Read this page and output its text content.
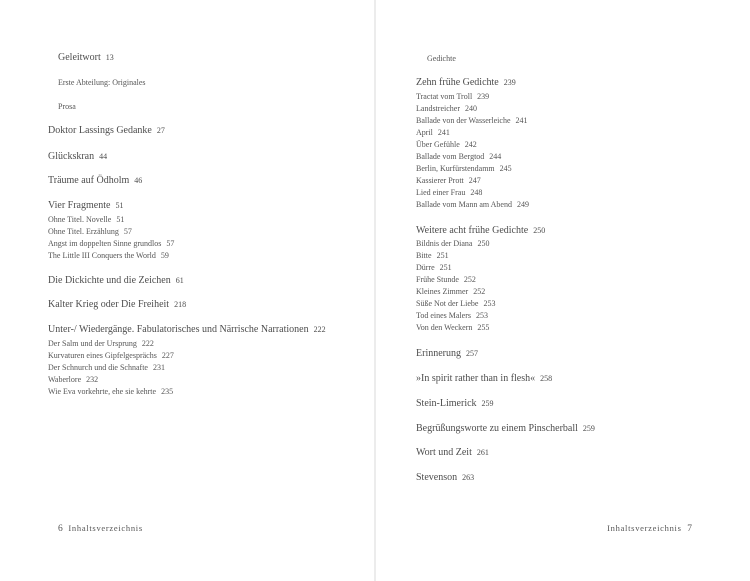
Geleitwort 13

Erste Abteilung: Originales

Prosa

Doktor Lassings Gedanke 27

Glückskran 44

Träume auf Ödholm 46

Vier Fragmente 51

Ohne Titel. Novelle 51

Ohne Titel. Erzählung 57

Angst im doppelten Sinne grundlos 57

The Little III Conquers the World 59

Die Dickichte und die Zeichen 61

Kalter Krieg oder Die Freiheit 218

Unter-/ Wiedergänge. Fabulatorisches und Närrische Narrationen 222

Der Salm und der Ursprung 222

Kurvaturen eines Gipfelgesprächs 227

Der Schnurch und die Schnafte 231

Waberlore 232

Wie Eva vorkehrte, ehe sie kehrte 235

6 Inhaltsverzeichnis

Gedichte

Zehn frühe Gedichte 239

Tractat vom Troll 239

Landstreicher 240

Ballade von der Wasserleiche 241

April 241

Über Gefühle 242

Ballade vom Bergtod 244

Berlin, Kurfürstendamm 245

Kassierer Prott 247

Lied einer Frau 248

Ballade vom Mann am Abend 249

Weitere acht frühe Gedichte 250

Bildnis der Diana 250

Bitte 251

Dürre 251

Frühe Stunde 252

Kleines Zimmer 252

Süße Not der Liebe 253

Tod eines Malers 253

Von den Weckern 255

Erinnerung 257

»In spirit rather than in flesh« 258

Stein-Limerick 259

Begrüßungsworte zu einem Pinscherball 259

Wort und Zeit 261

Stevenson 263

Inhaltsverzeichnis 7
